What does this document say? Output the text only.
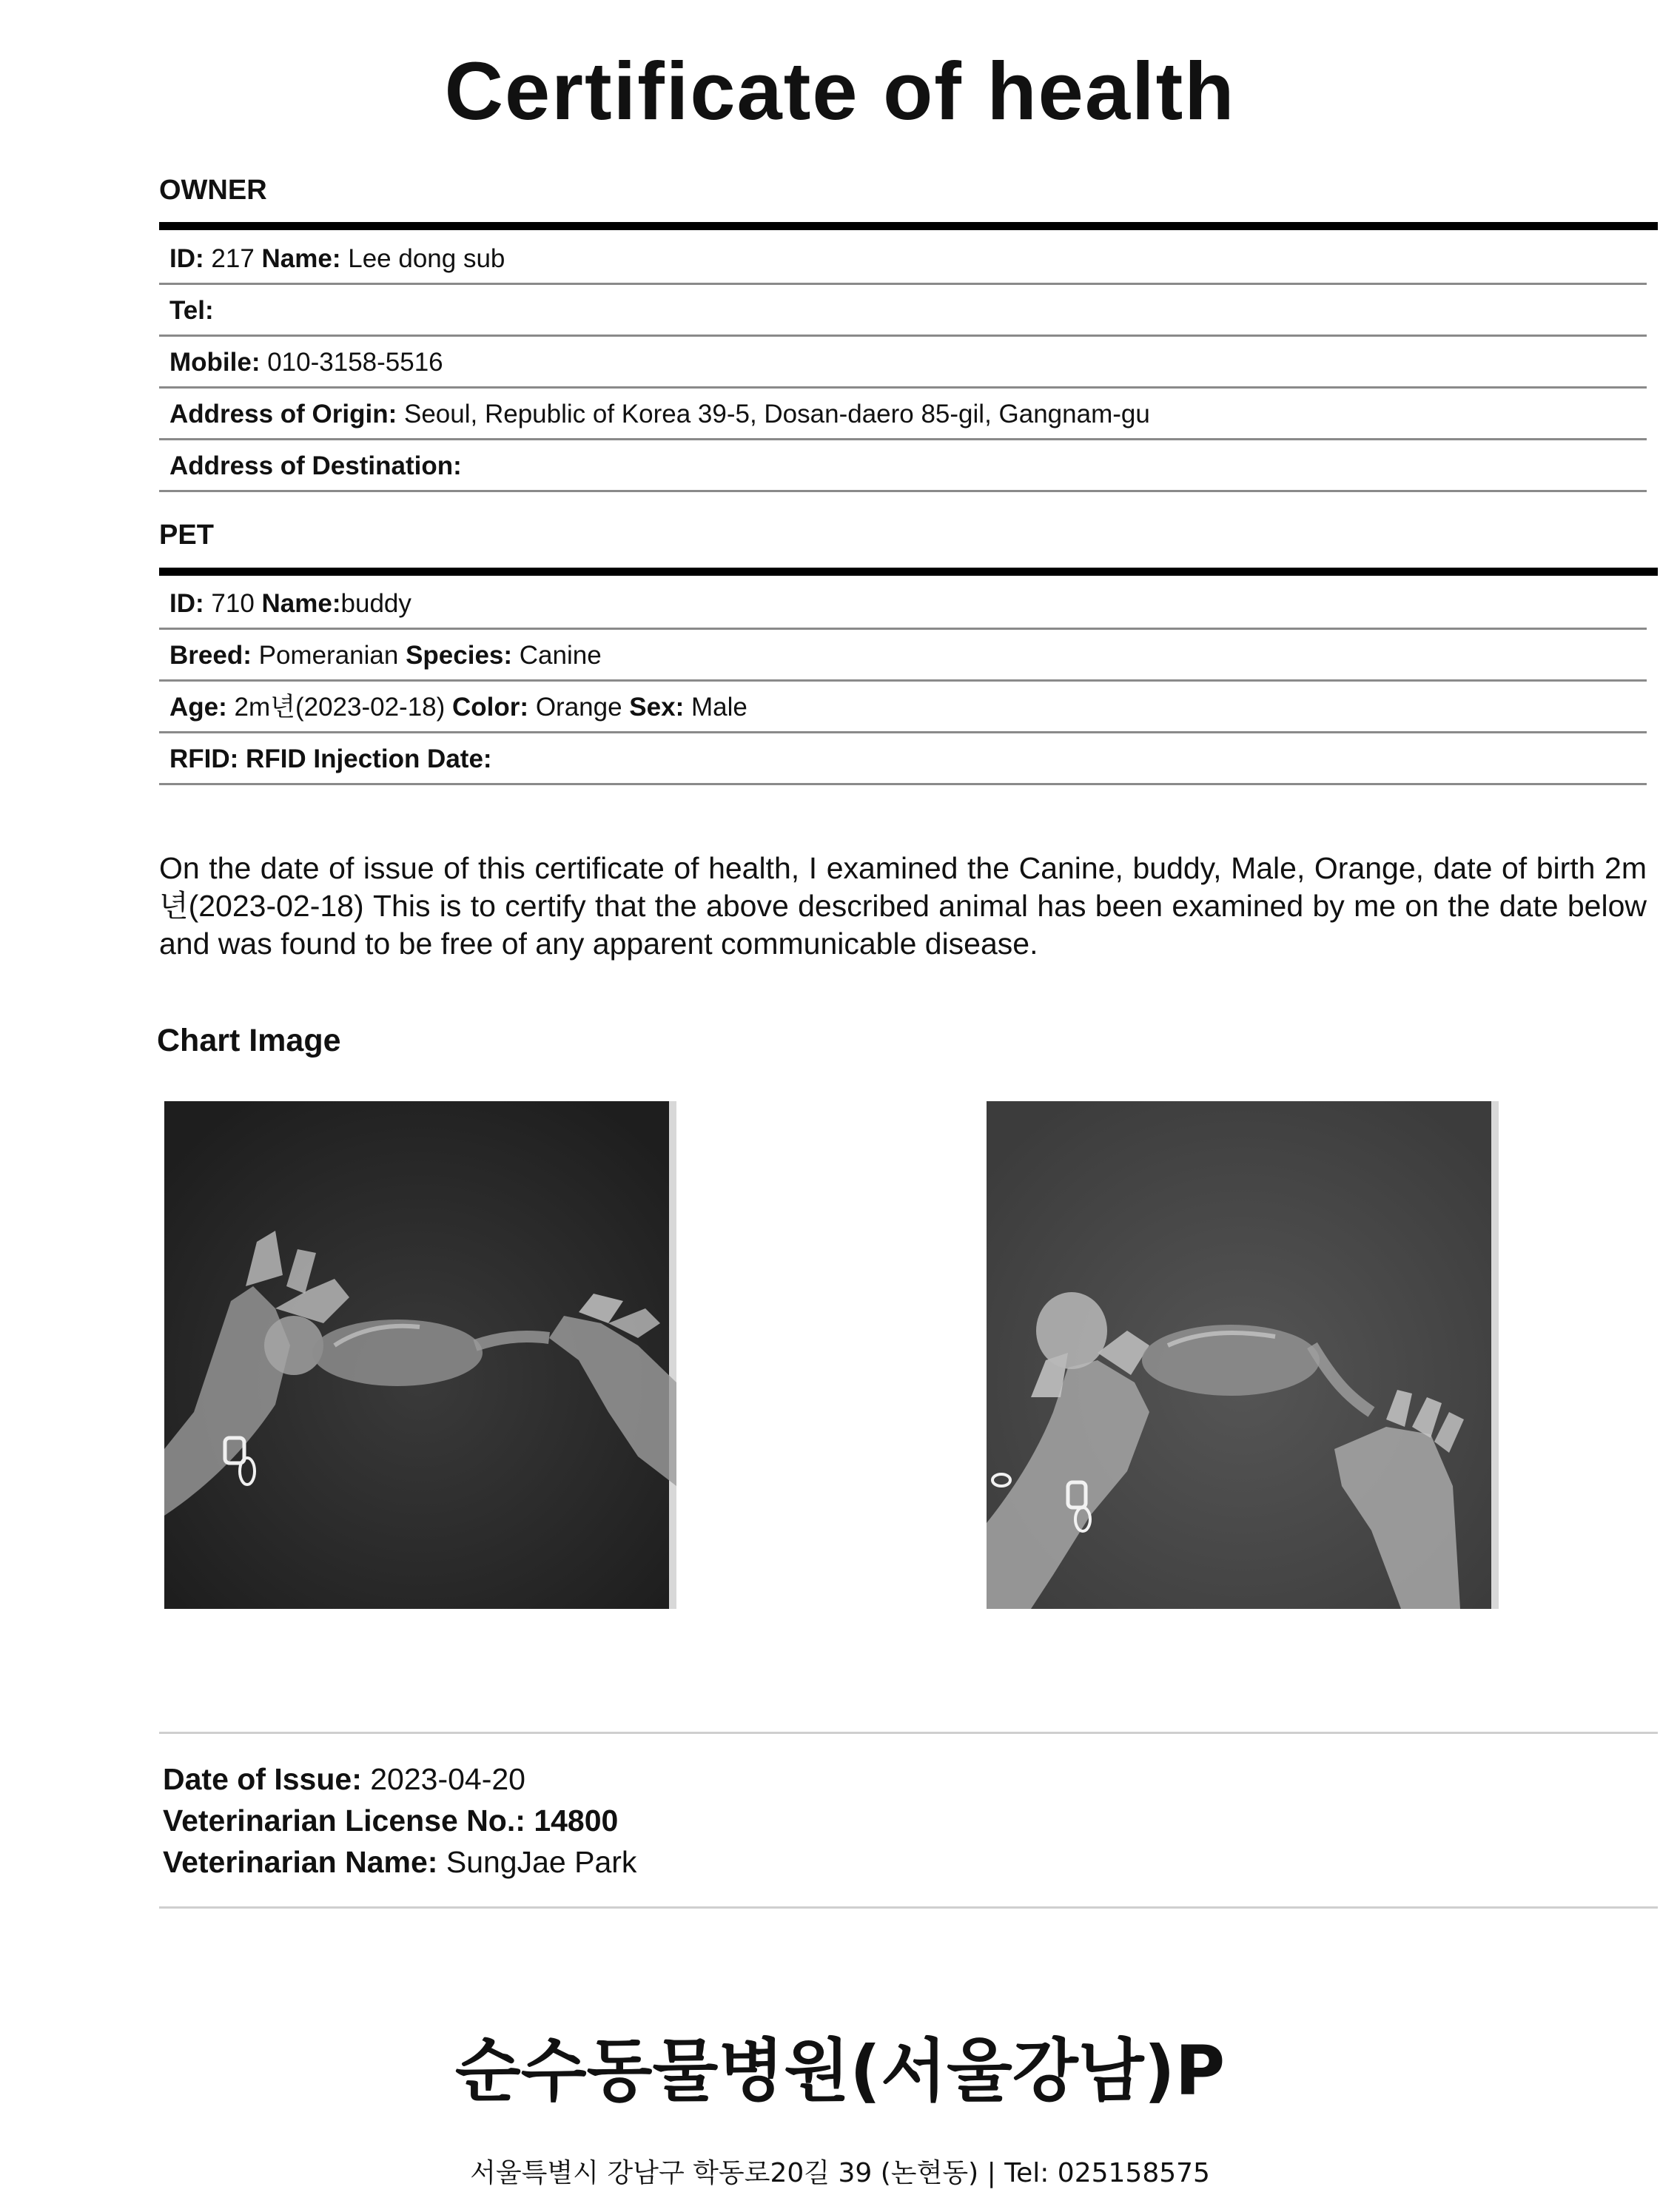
Certificate of health
OWNER
ID: 217 Name: Lee dong sub
Tel:
Mobile: 010-3158-5516
Address of Origin: Seoul, Republic of Korea 39-5, Dosan-daero 85-gil, Gangnam-gu
Address of Destination:
PET
ID: 710 Name:buddy
Breed: Pomeranian Species: Canine
Age: 2m년(2023-02-18) Color: Orange Sex: Male
RFID: RFID Injection Date:

On the date of issue of this certificate of health, I examined the Canine, buddy, Male, Orange, date of birth 2m년(2023-02-18) This is to certify that the above described animal has been examined by me on the date below and was found to be free of any apparent communicable disease.

Chart Image
Date of Issue: 2023-04-20
Veterinarian License No.: 14800
Veterinarian Name: SungJae Park
순수동물병원(서울강남)P
서울특별시 강남구 학동로20길 39 (논현동) | Tel: 025158575
